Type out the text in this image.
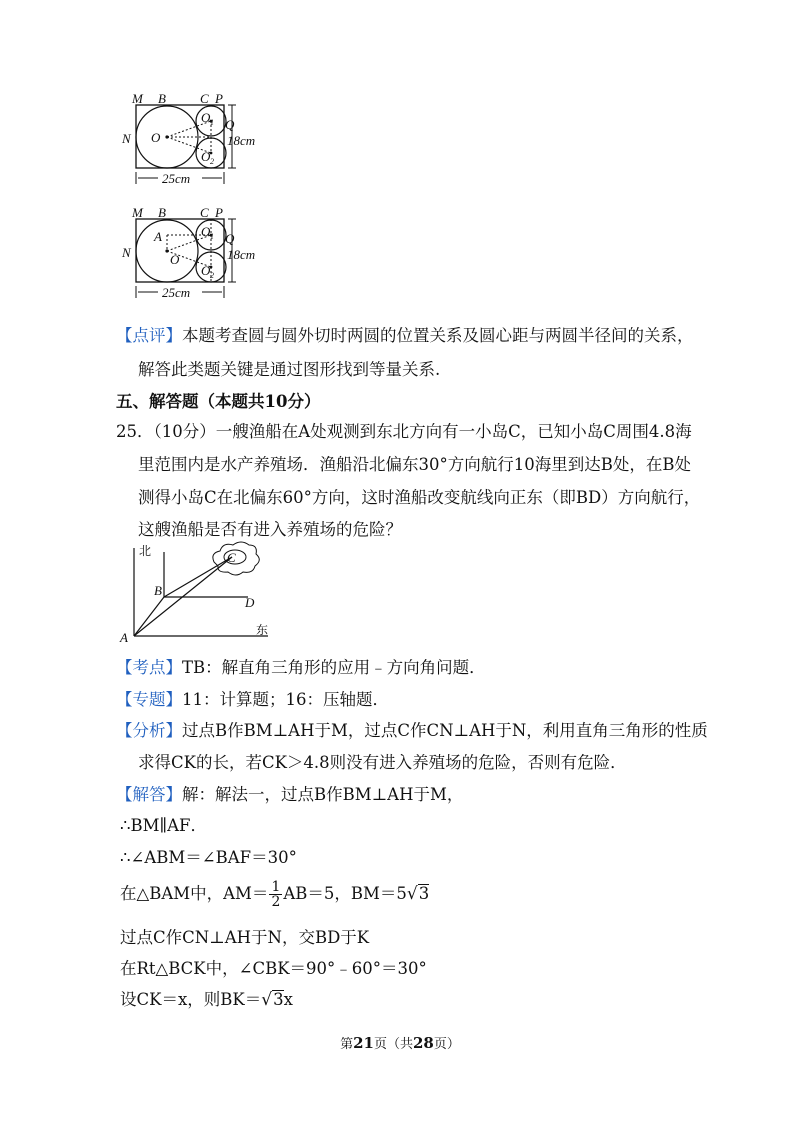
M B	C P
N O
Q
O 1
O 2
18cm
25cm
M B	C P
N
A
O
Q
O 1
O 2
18cm
25cm
【点评】本题考查圆与圆外切时两圆的位置关系及圆心距与两圆半径间的关系，
解答此类题关键是通过图形找到等量关系.
五、解答题（本题共10分）
25．（10分）一艘渔船在A处观测到东北方向有一小岛C，已知小岛C周围4.8海
里范围内是水产养殖场．渔船沿北偏东30°方向航行10海里到达B处，在B处
测得小岛C在北偏东60°方向，这时渔船改变航线向正东（即BD）方向航行，
这艘渔船是否有进入养殖场的危险？
A
B
C
D
北
东
【考点】TB：解直角三角形的应用﹣方向角问题．
【专题】11：计算题；16：压轴题．
【分析】过点B作BM⊥AH于M，过点C作CN⊥AH于N，利用直角三角形的性质
求得CK的长，若CK＞4.8则没有进入养殖场的危险，否则有危险．
【解答】解：解法一，过点B作BM⊥AH于M，
∴BM∥AF．
∴∠ABM＝∠BAF＝30°
在△BAM中，$AM= \frac{1}{2} AB=5$，BM＝5√3
过点C作CN⊥AH于N，交BD于K
在Rt△BCK中，∠CBK＝90°﹣60°＝30°
设CK＝x，则BK＝√3x
第21页（共28页）
